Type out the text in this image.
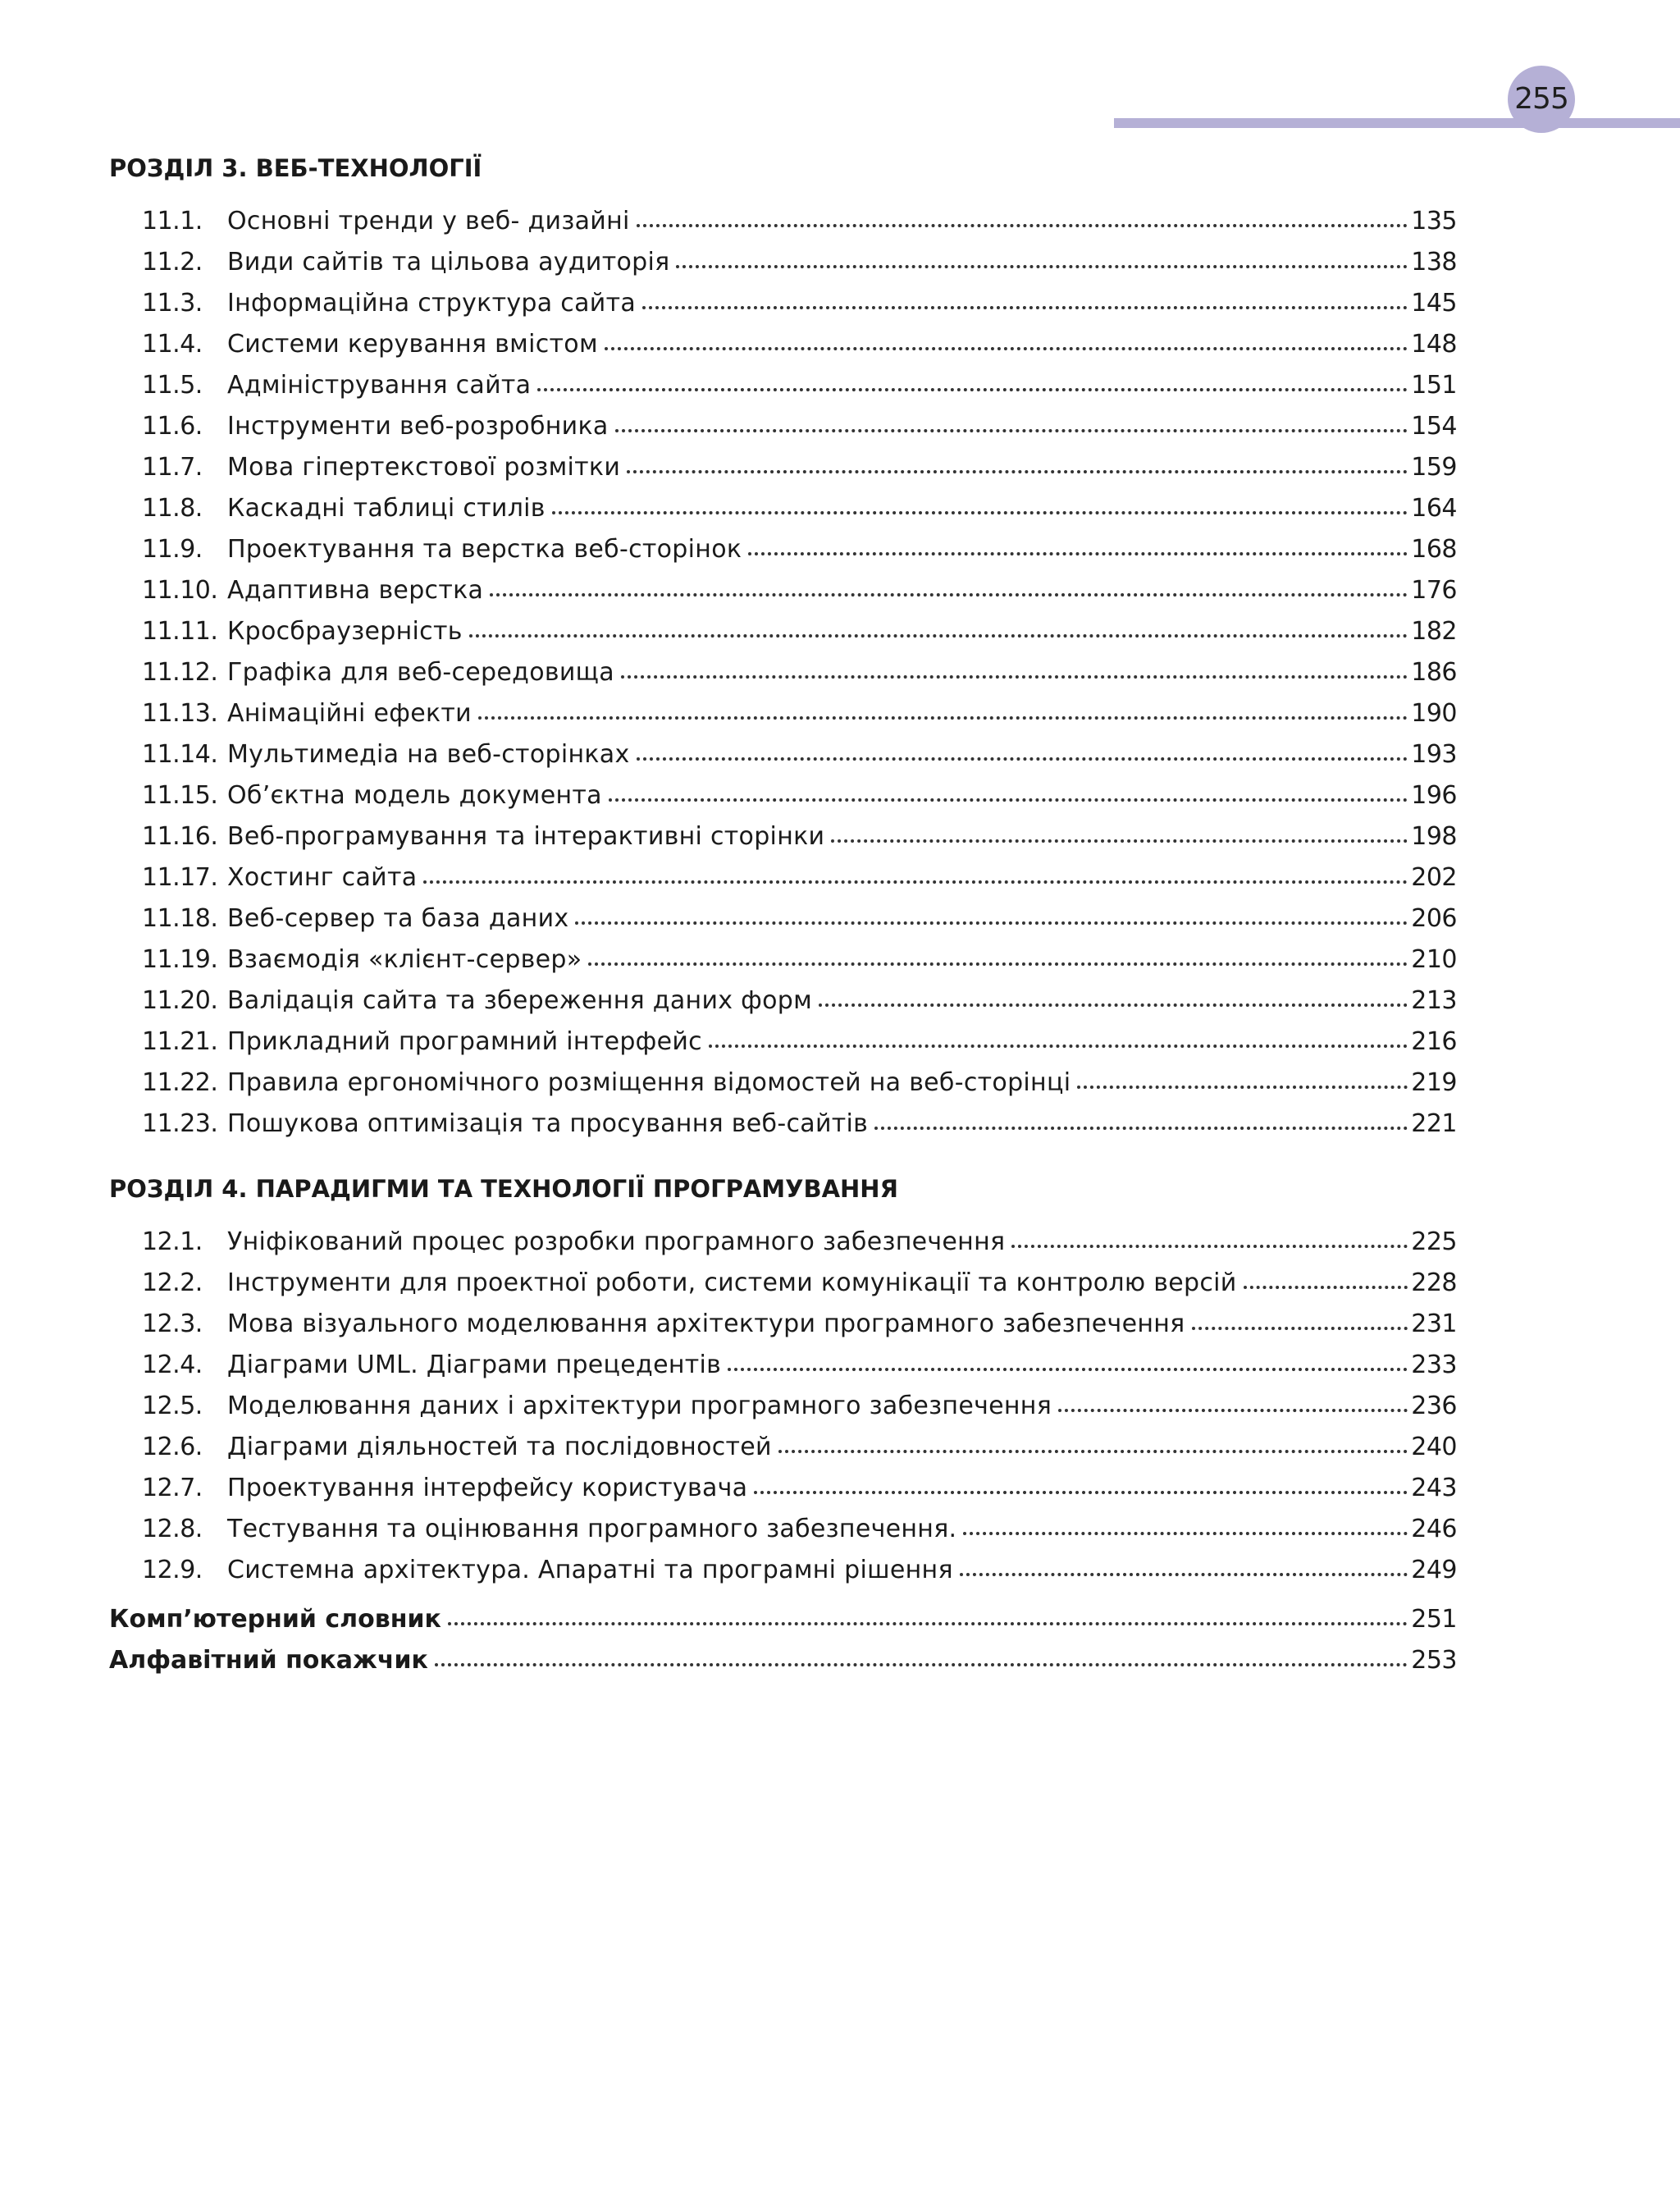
255
РОЗДІЛ 3. ВЕБ-ТЕХНОЛОГІЇ
11.1.	Основні тренди у веб- дизайні	135
11.2.	Види сайтів та цільова аудиторія	138
11.3.	Інформаційна структура сайта	145
11.4.	Системи керування вмістом	148
11.5.	Адміністрування сайта	151
11.6.	Інструменти веб-розробника	154
11.7.	Мова гіпертекстової розмітки	159
11.8.	Каскадні таблиці стилів	164
11.9.	Проектування та верстка веб-сторінок	168
11.10. Адаптивна верстка	176
11.11. Кросбраузерність	182
11.12. Графіка для веб-середовища	186
11.13. Анімаційні ефекти	190
11.14. Мультимедіа на веб-сторінках	193
11.15. Об’єктна модель документа	196
11.16. Веб-програмування та інтерактивні сторінки	198
11.17. Хостинг сайта	202
11.18. Веб-сервер та база даних	206
11.19. Взаємодія «клієнт-сервер»	210
11.20. Валідація сайта та збереження даних форм	213
11.21. Прикладний програмний інтерфейс	216
11.22. Правила ергономічного розміщення відомостей на веб-сторінці	219
11.23. Пошукова оптимізація та просування веб-сайтів	221
РОЗДІЛ 4. ПАРАДИГМИ ТА ТЕХНОЛОГІЇ ПРОГРАМУВАННЯ
12.1.	Уніфікований процес розробки програмного забезпечення	225
12.2.	Інструменти для проектної роботи, системи комунікації та контролю версій	228
12.3.	Мова візуального моделювання архітектури програмного забезпечення	231
12.4.	Діаграми UML. Діаграми прецедентів	233
12.5.	Моделювання даних і архітектури програмного забезпечення	236
12.6.	Діаграми діяльностей та послідовностей	240
12.7.	Проектування інтерфейсу користувача	243
12.8.	Тестування та оцінювання програмного забезпечення.	246
12.9.	Системна архітектура. Апаратні та програмні рішення	249
Комп’ютерний словник	251
Алфавітний покажчик	253
